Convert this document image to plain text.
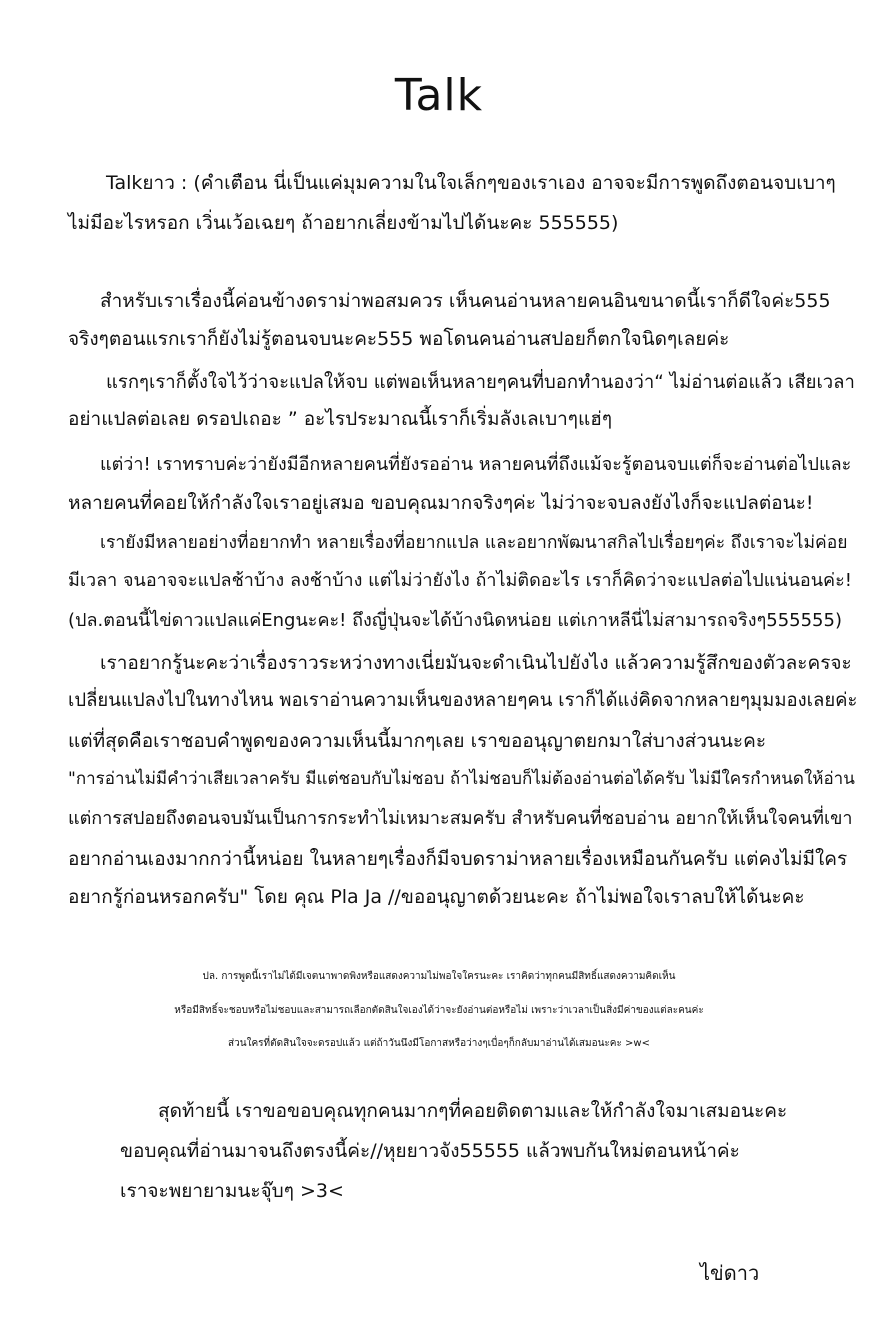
Talk
Talkยาว : (คำเตือน นี่เป็นแค่มุมความในใจเล็กๆของเราเอง อาจจะมีการพูดถึงตอนจบเบาๆ
ไม่มีอะไรหรอก เวิ่นเว้อเฉยๆ ถ้าอยากเลี่ยงข้ามไปได้นะคะ 555555)
สำหรับเราเรื่องนี้ค่อนข้างดราม่าพอสมควร เห็นคนอ่านหลายคนอินขนาดนี้เราก็ดีใจค่ะ555
จริงๆตอนแรกเราก็ยังไม่รู้ตอนจบนะคะ555 พอโดนคนอ่านสปอยก็ตกใจนิดๆเลยค่ะ
แรกๆเราก็ตั้งใจไว้ว่าจะแปลให้จบ แต่พอเห็นหลายๆคนที่บอกทำนองว่า“ ไม่อ่านต่อแล้ว เสียเวลา
อย่าแปลต่อเลย ดรอปเถอะ ” อะไรประมาณนี้เราก็เริ่มลังเลเบาๆแฮ่ๆ
แต่ว่า! เราทราบค่ะว่ายังมีอีกหลายคนที่ยังรออ่าน หลายคนที่ถึงแม้จะรู้ตอนจบแต่ก็จะอ่านต่อไปและ
หลายคนที่คอยให้กำลังใจเราอยู่เสมอ ขอบคุณมากจริงๆค่ะ ไม่ว่าจะจบลงยังไงก็จะแปลต่อนะ!
เรายังมีหลายอย่างที่อยากทำ หลายเรื่องที่อยากแปล และอยากพัฒนาสกิลไปเรื่อยๆค่ะ ถึงเราจะไม่ค่อย
มีเวลา จนอาจจะแปลช้าบ้าง ลงช้าบ้าง แต่ไม่ว่ายังไง ถ้าไม่ติดอะไร เราก็คิดว่าจะแปลต่อไปแน่นอนค่ะ!
(ปล.ตอนนี้ไข่ดาวแปลแค่Engนะคะ! ถึงญี่ปุ่นจะได้บ้างนิดหน่อย แต่เกาหลีนี่ไม่สามารถจริงๆ555555)
เราอยากรู้นะคะว่าเรื่องราวระหว่างทางเนี่ยมันจะดำเนินไปยังไง แล้วความรู้สึกของตัวละครจะ
เปลี่ยนแปลงไปในทางไหน พอเราอ่านความเห็นของหลายๆคน เราก็ได้แง่คิดจากหลายๆมุมมองเลยค่ะ
แต่ที่สุดคือเราชอบคำพูดของความเห็นนี้มากๆเลย เราขออนุญาตยกมาใส่บางส่วนนะคะ
"การอ่านไม่มีคำว่าเสียเวลาครับ มีแต่ชอบกับไม่ชอบ ถ้าไม่ชอบก็ไม่ต้องอ่านต่อได้ครับ ไม่มีใครกำหนดให้อ่าน
แต่การสปอยถึงตอนจบมันเป็นการกระทำไม่เหมาะสมครับ สำหรับคนที่ชอบอ่าน อยากให้เห็นใจคนที่เขา
อยากอ่านเองมากกว่านี้หน่อย ในหลายๆเรื่องก็มีจบดราม่าหลายเรื่องเหมือนกันครับ แต่คงไม่มีใคร
อยากรู้ก่อนหรอกครับ" โดย คุณ Pla Ja //ขออนุญาตด้วยนะคะ ถ้าไม่พอใจเราลบให้ได้นะคะ
ปล. การพูดนี้เราไม่ได้มีเจตนาพาดพิงหรือแสดงความไม่พอใจใครนะคะ เราคิดว่าทุกคนมีสิทธิ์แสดงความคิดเห็น
หรือมีสิทธิ์จะชอบหรือไม่ชอบและสามารถเลือกตัดสินใจเองได้ว่าจะยังอ่านต่อหรือไม่ เพราะว่าเวลาเป็นสิ่งมีค่าของแต่ละคนค่ะ
ส่วนใครที่ตัดสินใจจะดรอปแล้ว แต่ถ้าวันนึงมีโอกาสหรือว่างๆเบื่อๆก็กลับมาอ่านได้เสมอนะคะ >w<
สุดท้ายนี้ เราขอขอบคุณทุกคนมากๆที่คอยติดตามและให้กำลังใจมาเสมอนะคะ
ขอบคุณที่อ่านมาจนถึงตรงนี้ค่ะ//หุยยาวจัง55555 แล้วพบกันใหม่ตอนหน้าค่ะ
เราจะพยายามนะจุ๊บๆ >3<
ไข่ดาว
